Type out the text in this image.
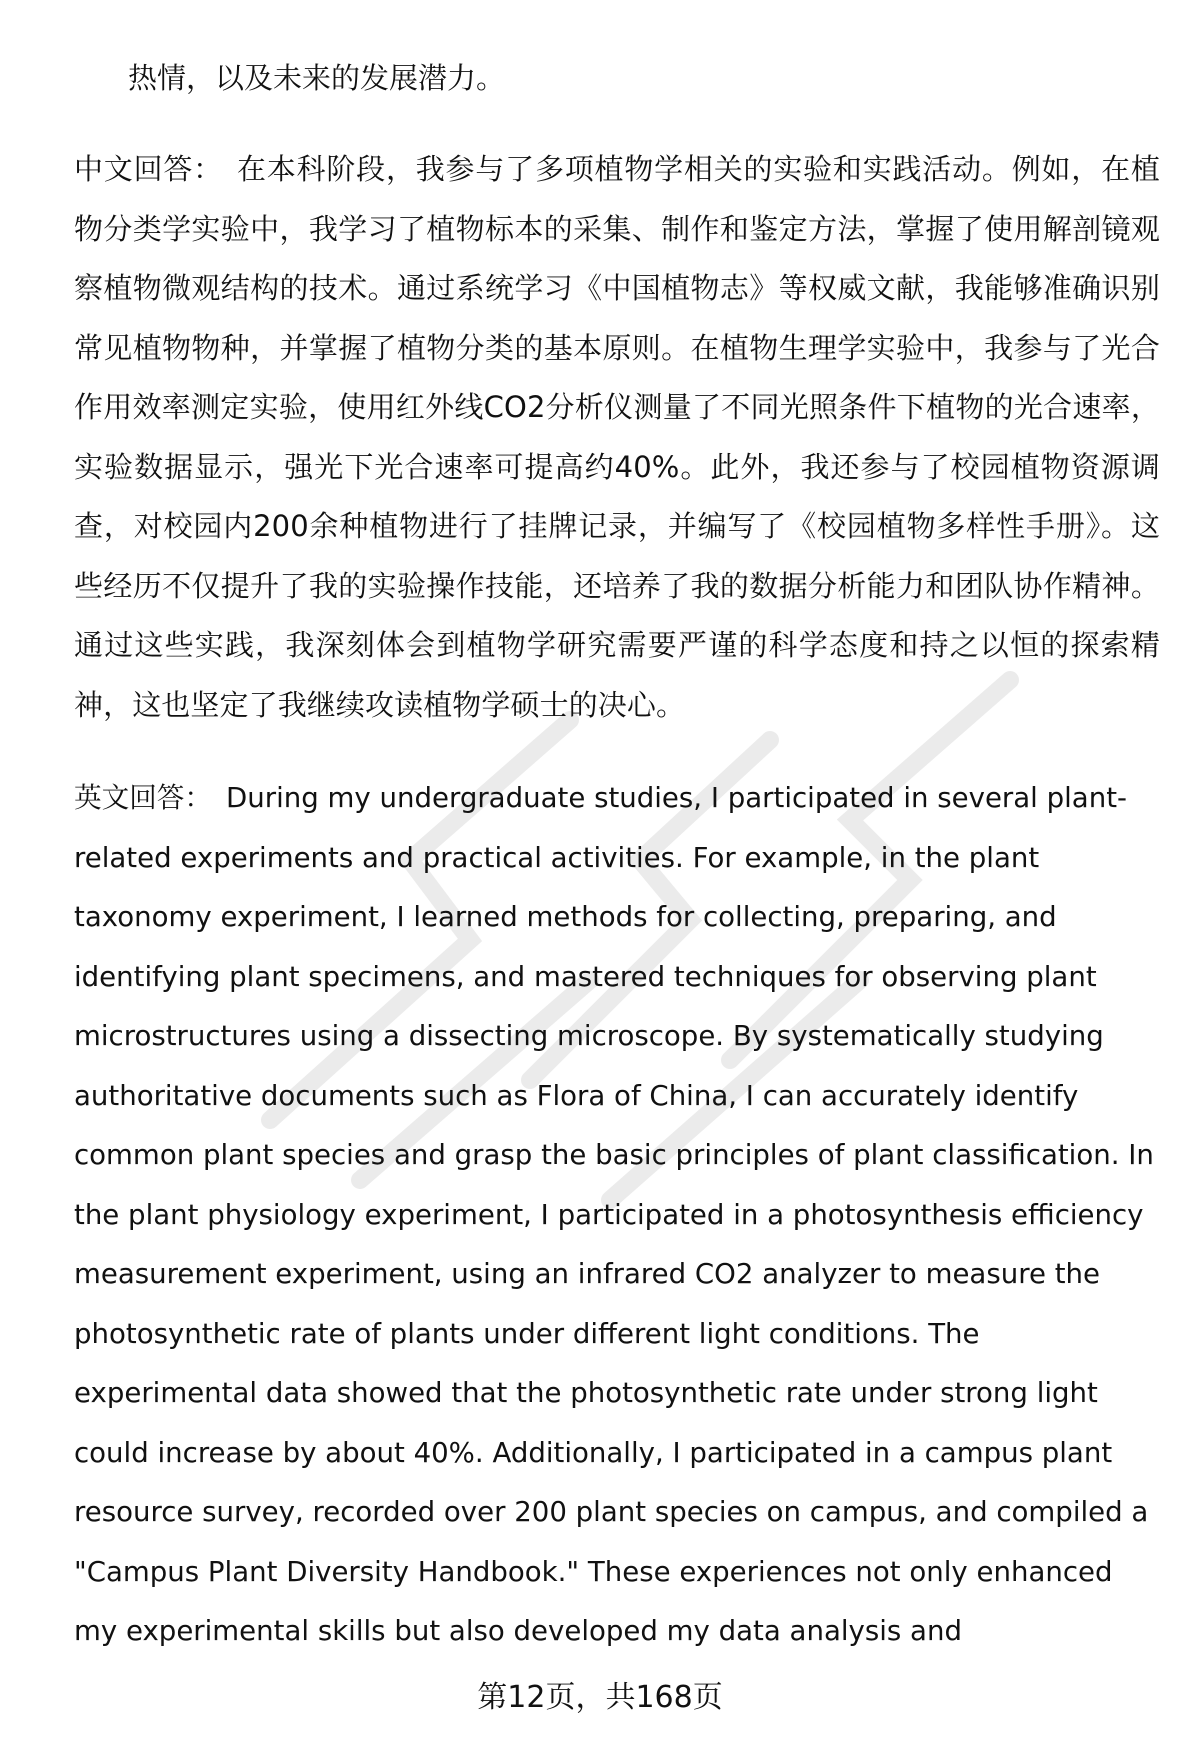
热情，以及未来的发展潜力。
中文回答： 在本科阶段，我参与了多项植物学相关的实验和实践活动。例如，在植物分类学实验中，我学习了植物标本的采集、制作和鉴定方法，掌握了使用解剖镜观察植物微观结构的技术。通过系统学习《中国植物志》等权威文献，我能够准确识别常见植物物种，并掌握了植物分类的基本原则。在植物生理学实验中，我参与了光合作用效率测定实验，使用红外线CO2分析仪测量了不同光照条件下植物的光合速率，实验数据显示，强光下光合速率可提高约40%。此外，我还参与了校园植物资源调查，对校园内200余种植物进行了挂牌记录，并编写了《校园植物多样性手册》。这些经历不仅提升了我的实验操作技能，还培养了我的数据分析能力和团队协作精神。通过这些实践，我深刻体会到植物学研究需要严谨的科学态度和持之以恒的探索精神，这也坚定了我继续攻读植物学硕士的决心。
英文回答： During my undergraduate studies, I participated in several plant-related experiments and practical activities. For example, in the plant taxonomy experiment, I learned methods for collecting, preparing, and identifying plant specimens, and mastered techniques for observing plant microstructures using a dissecting microscope. By systematically studying authoritative documents such as Flora of China, I can accurately identify common plant species and grasp the basic principles of plant classification. In the plant physiology experiment, I participated in a photosynthesis efficiency measurement experiment, using an infrared CO2 analyzer to measure the photosynthetic rate of plants under different light conditions. The experimental data showed that the photosynthetic rate under strong light could increase by about 40%. Additionally, I participated in a campus plant resource survey, recorded over 200 plant species on campus, and compiled a "Campus Plant Diversity Handbook." These experiences not only enhanced my experimental skills but also developed my data analysis and
第12页，共168页
